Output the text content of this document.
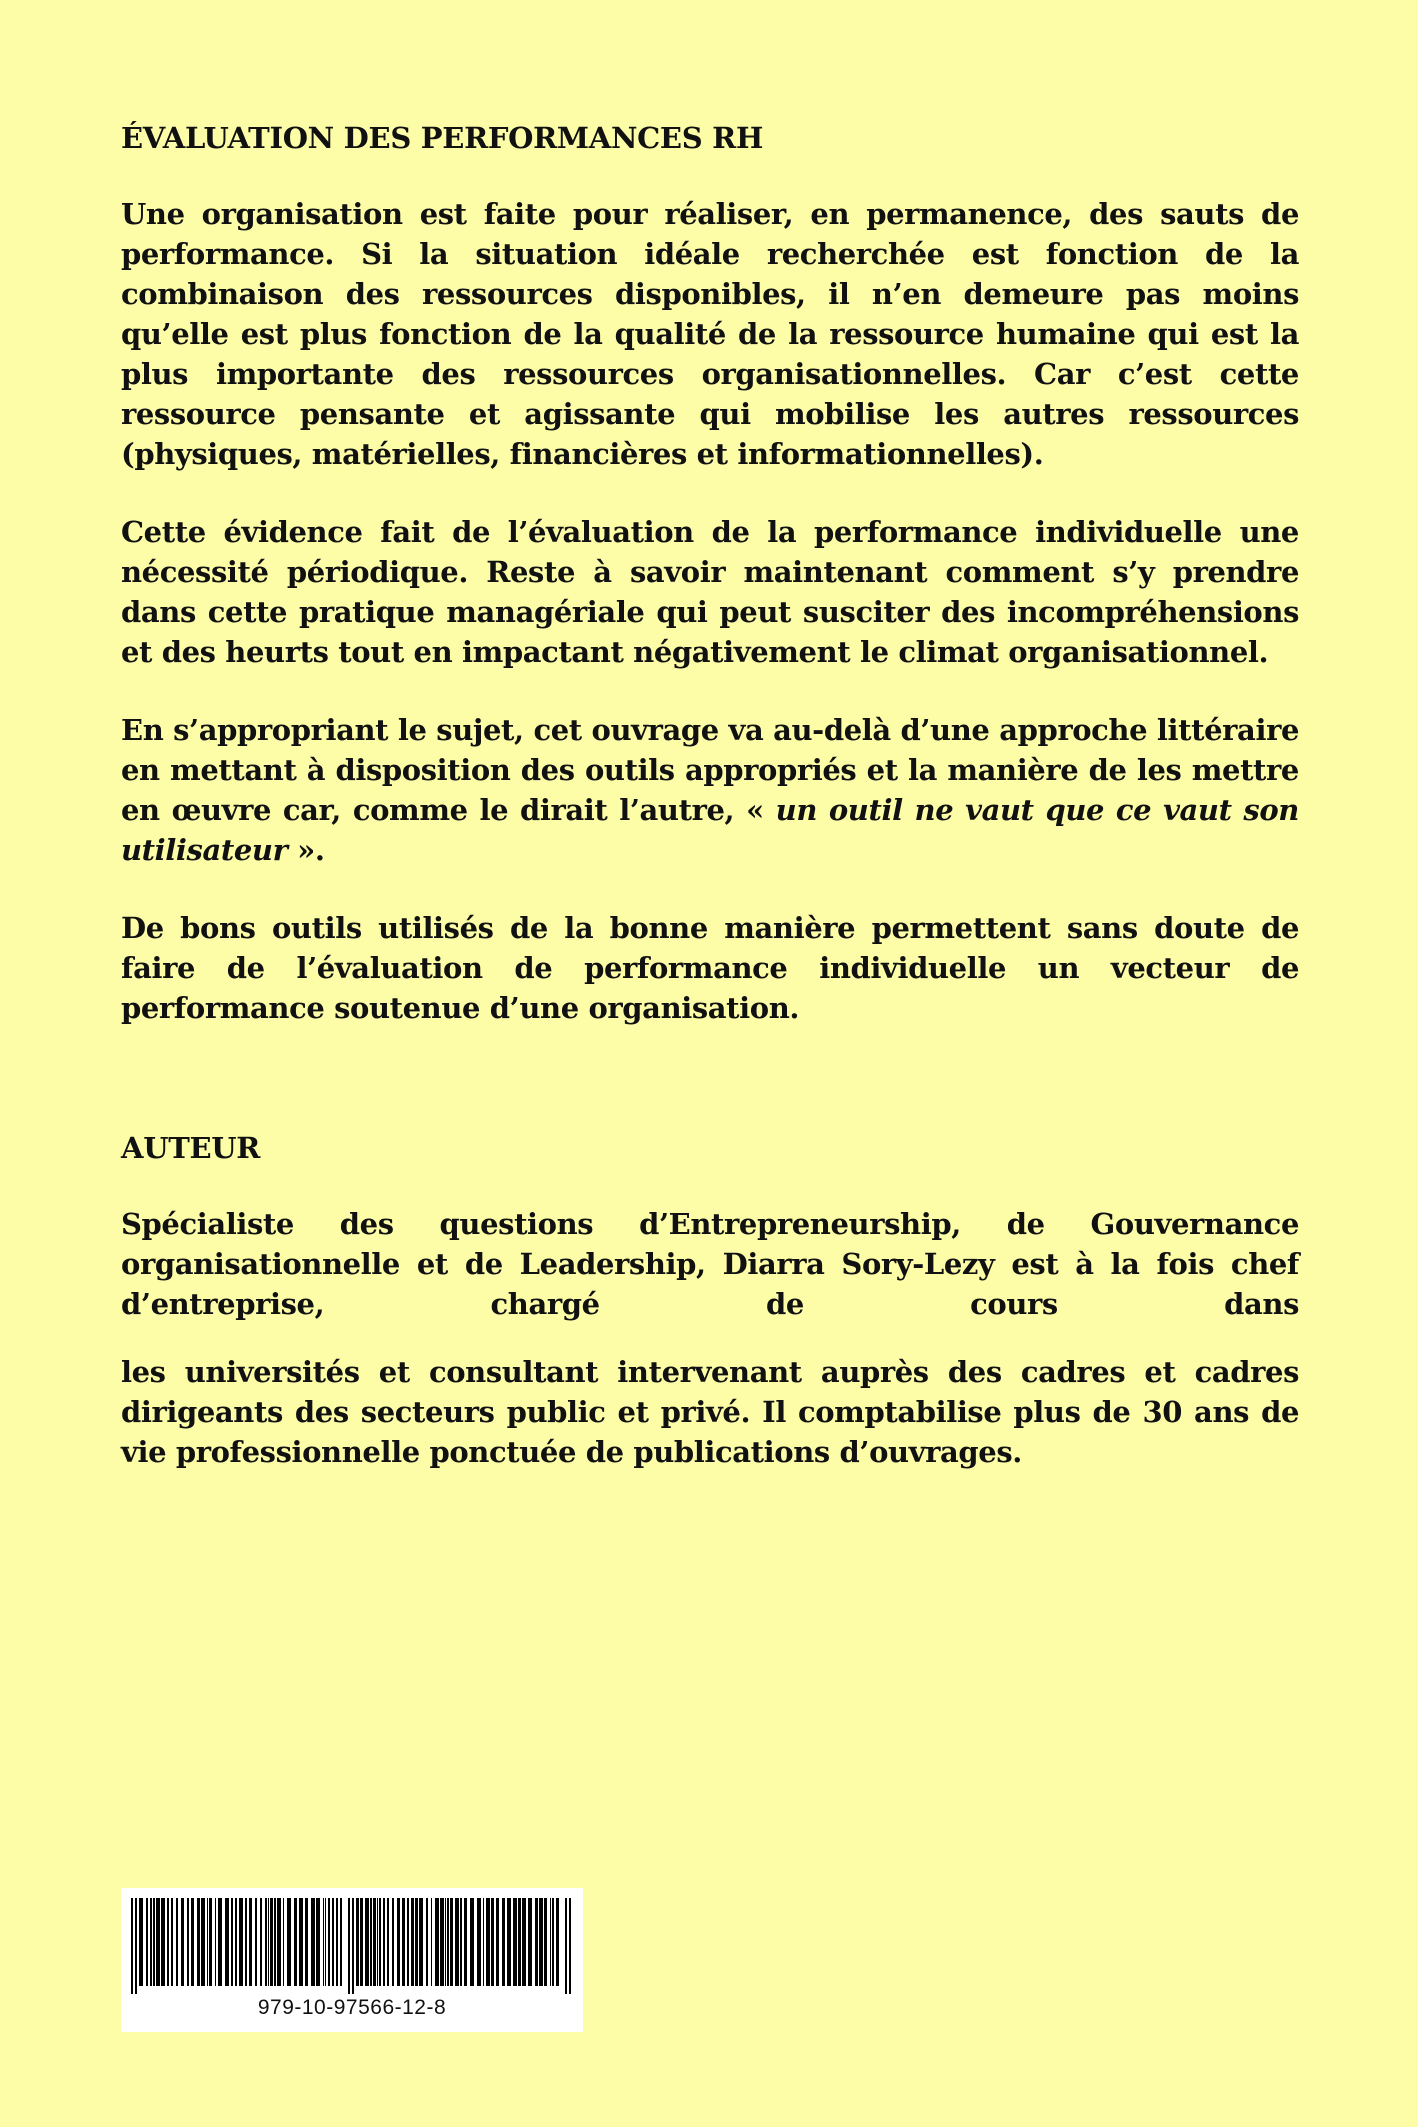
ÉVALUATION DES PERFORMANCES RH

Une organisation est faite pour réaliser, en permanence, des sauts de performance. Si la situation idéale recherchée est fonction de la combinaison des ressources disponibles, il n’en demeure pas moins qu’elle est plus fonction de la qualité de la ressource humaine qui est la plus importante des ressources organisationnelles. Car c’est cette ressource pensante et agissante qui mobilise les autres ressources (physiques, matérielles, financières et informationnelles).

Cette évidence fait de l’évaluation de la performance individuelle une nécessité périodique. Reste à savoir maintenant comment s’y prendre dans cette pratique managériale qui peut susciter des incompréhensions et des heurts tout en impactant négativement le climat organisationnel.

En s’appropriant le sujet, cet ouvrage va au-delà d’une approche littéraire en mettant à disposition des outils appropriés et la manière de les mettre en œuvre car, comme le dirait l’autre, « un outil ne vaut que ce vaut son utilisateur ».

De bons outils utilisés de la bonne manière permettent sans doute de faire de l’évaluation de performance individuelle un vecteur de performance soutenue d’une organisation.

AUTEUR

Spécialiste des questions d’Entrepreneurship, de Gouvernance organisationnelle et de Leadership, Diarra Sory-Lezy est à la fois chef d’entreprise, chargé de cours dans

les universités et consultant intervenant auprès des cadres et cadres dirigeants des secteurs public et privé. Il comptabilise plus de 30 ans de vie professionnelle ponctuée de publications d’ouvrages.

979-10-97566-12-8
